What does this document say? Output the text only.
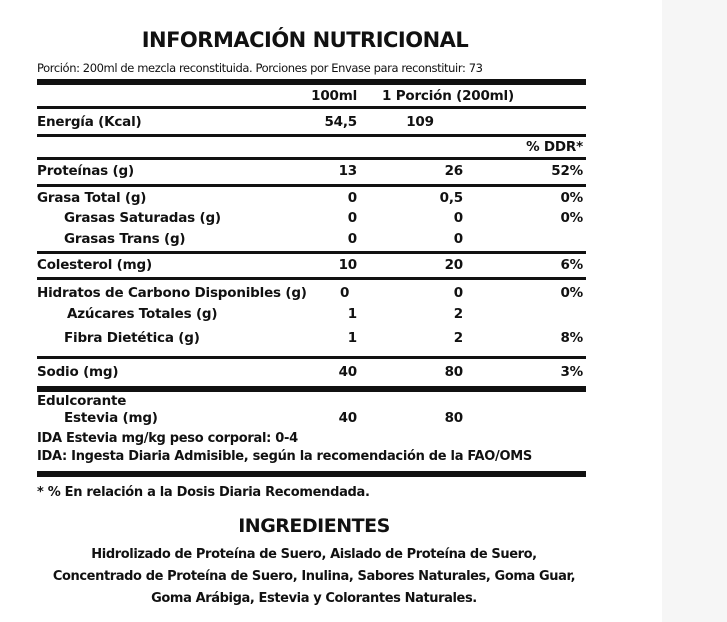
INFORMACIÓN NUTRICIONAL
Porción: 200ml de mezcla reconstituida. Porciones por Envase para reconstituir: 73
100ml 1 Porción (200ml)
Energía (Kcal)	54,5	109
% DDR*
Proteínas (g)	13	26	52%
Grasa Total (g)	0	0,5	0%
Grasas Saturadas (g)	0	0	0%
Grasas Trans (g)	0	0
Colesterol (mg)	10	20	6%
Hidratos de Carbono Disponibles (g) 0	0	0%
Azúcares Totales (g)	1	2
Fibra Dietética (g)	1	2	8%
Sodio (mg)	40	80	3%
Edulcorante
Estevia (mg)	40	80
IDA Estevia mg/kg peso corporal: 0-4
IDA: Ingesta Diaria Admisible, según la recomendación de la FAO/OMS
* % En relación a la Dosis Diaria Recomendada.
INGREDIENTES
Hidrolizado de Proteína de Suero, Aislado de Proteína de Suero,
Concentrado de Proteína de Suero, Inulina, Sabores Naturales, Goma Guar,
Goma Arábiga, Estevia y Colorantes Naturales.
